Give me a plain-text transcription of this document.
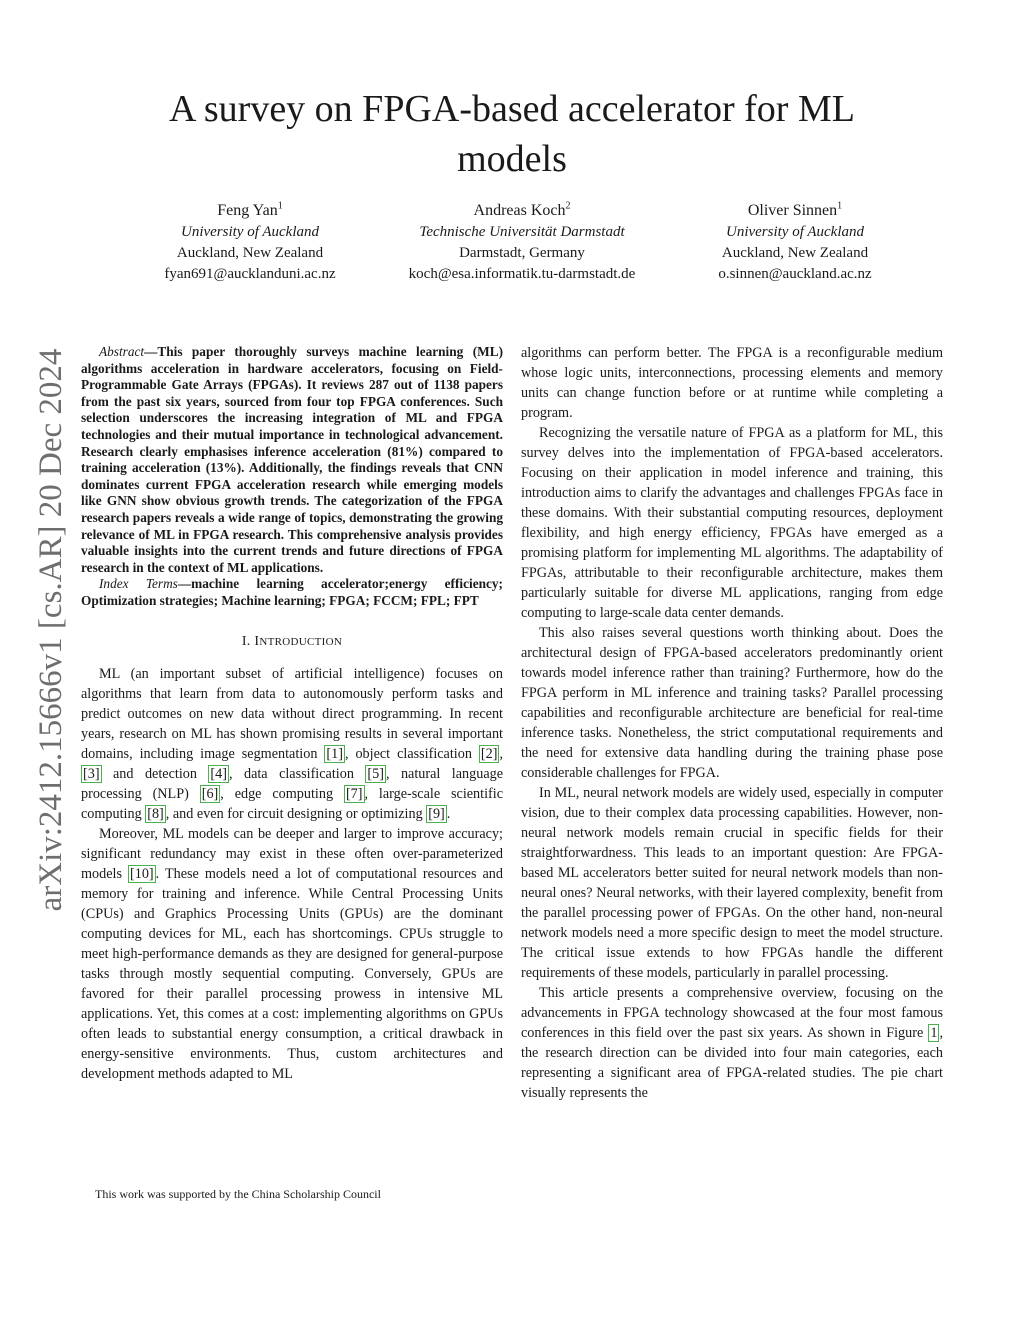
A survey on FPGA-based accelerator for ML
models
Feng Yan$^1$
University of Auckland
Auckland, New Zealand
fyan691@aucklanduni.ac.nz
Andreas Koch$^2$
Technische Universität Darmstadt
Darmstadt, Germany
koch@esa.informatik.tu-darmstadt.de
Oliver Sinnen$^1$
University of Auckland
Auckland, New Zealand
o.sinnen@auckland.ac.nz
arXiv:2412.15666v1 [cs.AR] 20 Dec 2024	Abstract—This paper thoroughly surveys machine learning (ML) algorithms acceleration in hardware accelerators, focusing on Field-Programmable Gate Arrays (FPGAs). It reviews 287 out of 1138 papers from the past six years, sourced from four top FPGA conferences. Such selection underscores the increasing integration of ML and FPGA technologies and their mutual importance in technological advancement. Research clearly emphasises inference acceleration (81%) compared to training acceleration (13%). Additionally, the findings reveals that CNN dominates current FPGA acceleration research while emerging models like GNN show obvious growth trends. The categorization of the FPGA research papers reveals a wide range of topics, demonstrating the growing relevance of ML in FPGA research. This comprehensive analysis provides valuable insights into the current trends and future directions of FPGA research in the context of ML applications.

Index Terms—machine learning accelerator;energy efficiency; Optimization strategies; Machine learning; FPGA; FCCM; FPL; FPT

I. INTRODUCTION

ML (an important subset of artificial intelligence) focuses on algorithms that learn from data to autonomously perform tasks and predict outcomes on new data without direct programming. In recent years, research on ML has shown promising results in several important domains, including image segmentation [1] , object classification [2] , [3] and detection [4] , data classification [5] , natural language processing (NLP) [6] , edge computing [7] , large-scale scientific computing [8] , and even for circuit designing or optimizing [9] .

Moreover, ML models can be deeper and larger to improve accuracy; significant redundancy may exist in these often over-parameterized models [10] . These models need a lot of computational resources and memory for training and inference. While Central Processing Units (CPUs) and Graphics Processing Units (GPUs) are the dominant computing devices for ML, each has shortcomings. CPUs struggle to meet high-performance demands as they are designed for general-purpose tasks through mostly sequential computing. Conversely, GPUs are favored for their parallel processing prowess in intensive ML applications. Yet, this comes at a cost: implementing algorithms on GPUs often leads to substantial energy consumption, a critical drawback in energy-sensitive environments. Thus, custom architectures and development methods adapted to ML

This work was supported by the China Scholarship Council

algorithms can perform better. The FPGA is a reconfigurable medium whose logic units, interconnections, processing elements and memory units can change function before or at runtime while completing a program.

Recognizing the versatile nature of FPGA as a platform for ML, this survey delves into the implementation of FPGA-based accelerators. Focusing on their application in model inference and training, this introduction aims to clarify the advantages and challenges FPGAs face in these domains. With their substantial computing resources, deployment flexibility, and high energy efficiency, FPGAs have emerged as a promising platform for implementing ML algorithms. The adaptability of FPGAs, attributable to their reconfigurable architecture, makes them particularly suitable for diverse ML applications, ranging from edge computing to large-scale data center demands.

This also raises several questions worth thinking about. Does the architectural design of FPGA-based accelerators predominantly orient towards model inference rather than training? Furthermore, how do the FPGA perform in ML inference and training tasks? Parallel processing capabilities and reconfigurable architecture are beneficial for real-time inference tasks. Nonetheless, the strict computational requirements and the need for extensive data handling during the training phase pose considerable challenges for FPGA.

In ML, neural network models are widely used, especially in computer vision, due to their complex data processing capabilities. However, non-neural network models remain crucial in specific fields for their straightforwardness. This leads to an important question: Are FPGA-based ML accelerators better suited for neural network models than non-neural ones? Neural networks, with their layered complexity, benefit from the parallel processing power of FPGAs. On the other hand, non-neural network models need a more specific design to meet the model structure. The critical issue extends to how FPGAs handle the different requirements of these models, particularly in parallel processing.

This article presents a comprehensive overview, focusing on the advancements in FPGA technology showcased at the four most famous conferences in this field over the past six years. As shown in Figure 1 , the research direction can be divided into four main categories, each representing a significant area of FPGA-related studies. The pie chart visually represents the
